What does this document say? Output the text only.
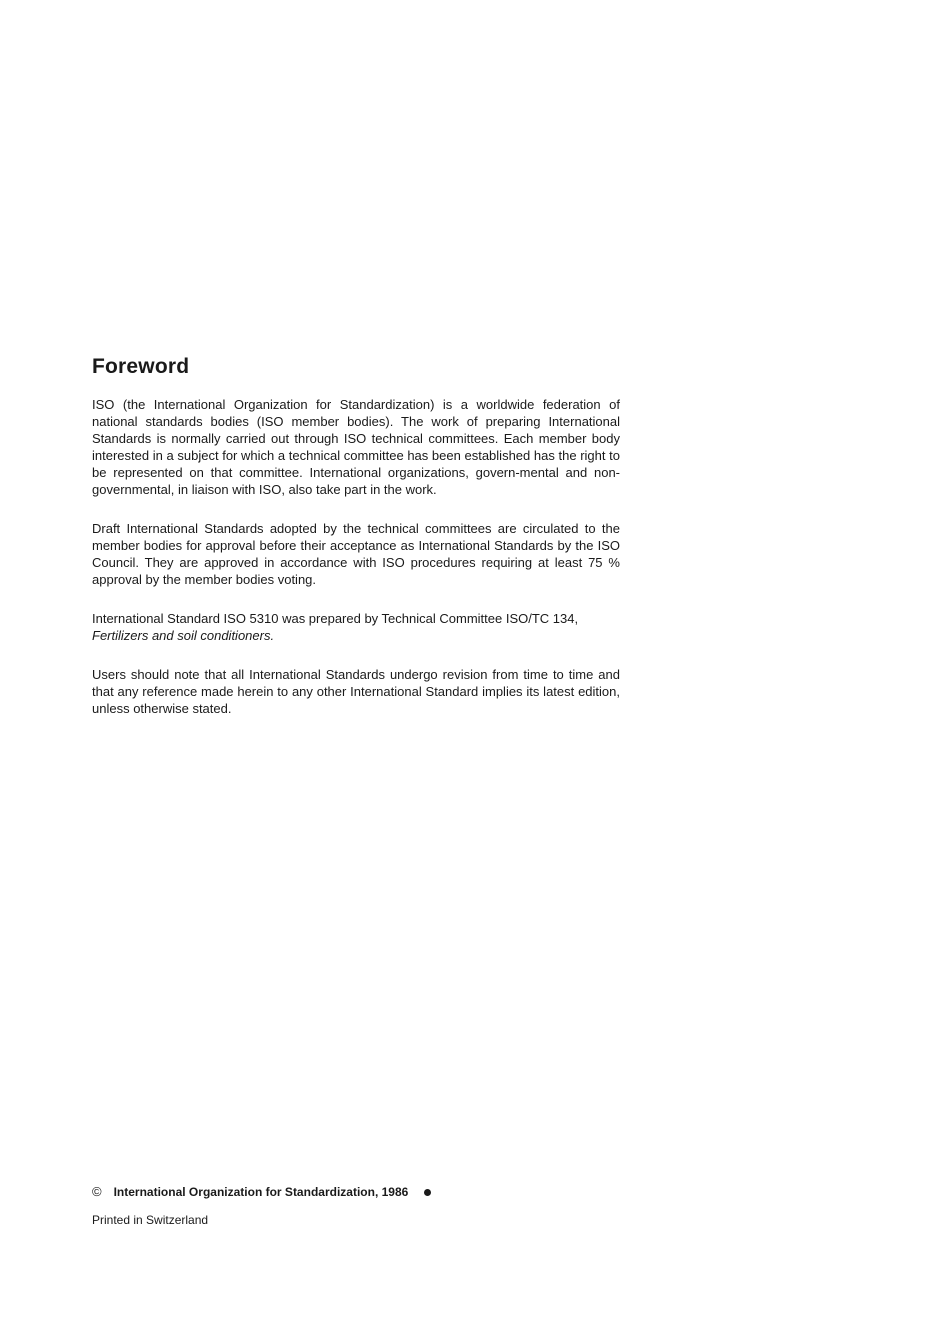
Foreword

ISO (the International Organization for Standardization) is a worldwide federation of national standards bodies (ISO member bodies). The work of preparing International Standards is normally carried out through ISO technical committees. Each member body interested in a subject for which a technical committee has been established has the right to be represented on that committee. International organizations, govern-mental and non-governmental, in liaison with ISO, also take part in the work.

Draft International Standards adopted by the technical committees are circulated to the member bodies for approval before their acceptance as International Standards by the ISO Council. They are approved in accordance with ISO procedures requiring at least 75 % approval by the member bodies voting.

International Standard ISO 5310 was prepared by Technical Committee ISO/TC 134,
Fertilizers and soil conditioners.

Users should note that all International Standards undergo revision from time to time and that any reference made herein to any other International Standard implies its latest edition, unless otherwise stated.

© International Organization for Standardization, 1986
Printed in Switzerland
